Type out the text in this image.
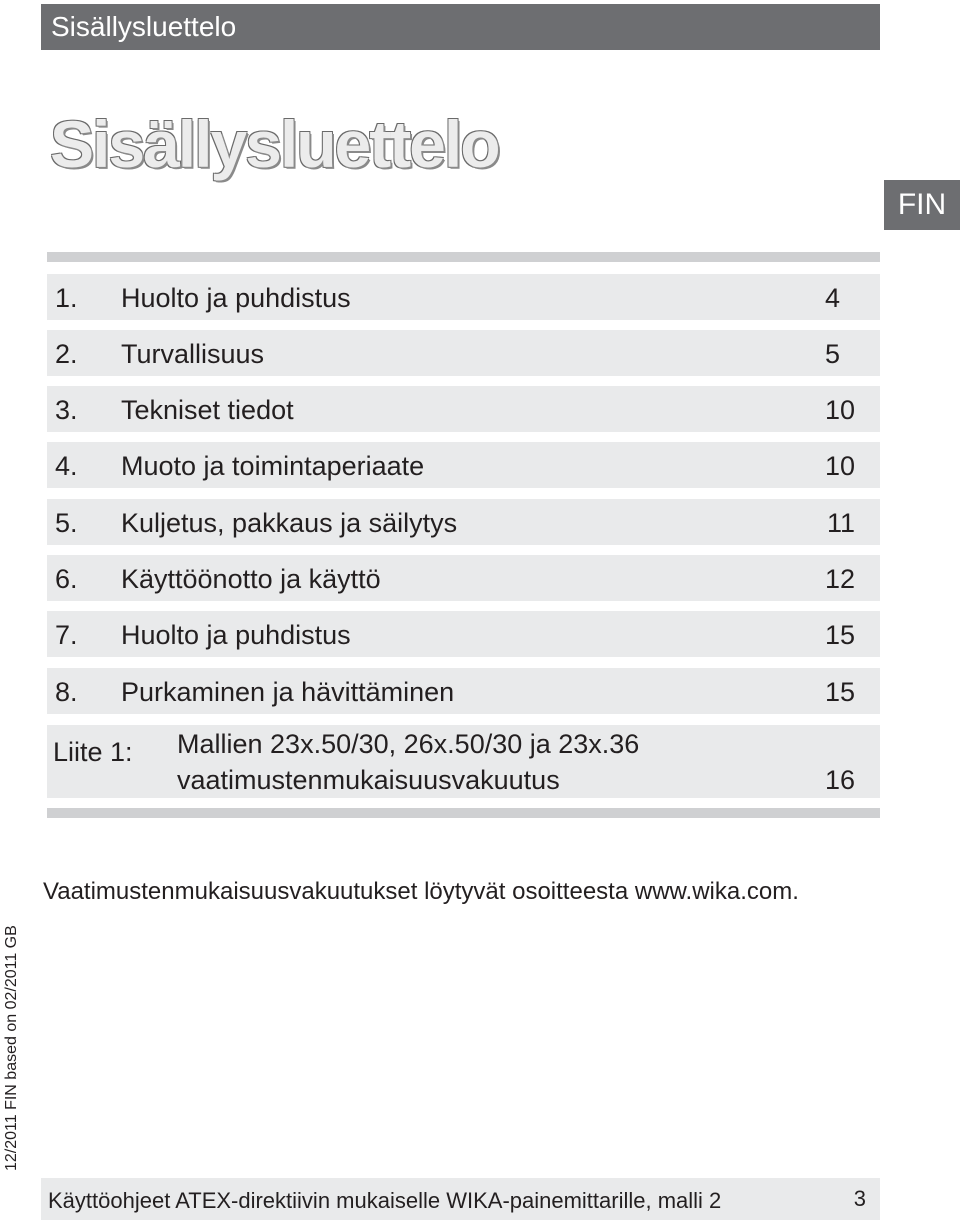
Sisällysluettelo
Sisällysluettelo
FIN
1. Huolto ja puhdistus	4
2. Turvallisuus	5
3. Tekniset tiedot	10
4. Muoto ja toimintaperiaate	10
5. Kuljetus, pakkaus ja säilytys	11
6. Käyttöönotto ja käyttö	12
7. Huolto ja puhdistus	15
8. Purkaminen ja hävittäminen	15
Liite 1: Mallien 23x.50/30, 26x.50/30 ja 23x.36
vaatimustenmukaisuusvakuutus	16
Vaatimustenmukaisuusvakuutukset löytyvät osoitteesta www.wika.com.
12/2011 FIN based on 02/2011 GB
Käyttöohjeet ATEX-direktiivin mukaiselle WIKA-painemittarille, malli 2	3
